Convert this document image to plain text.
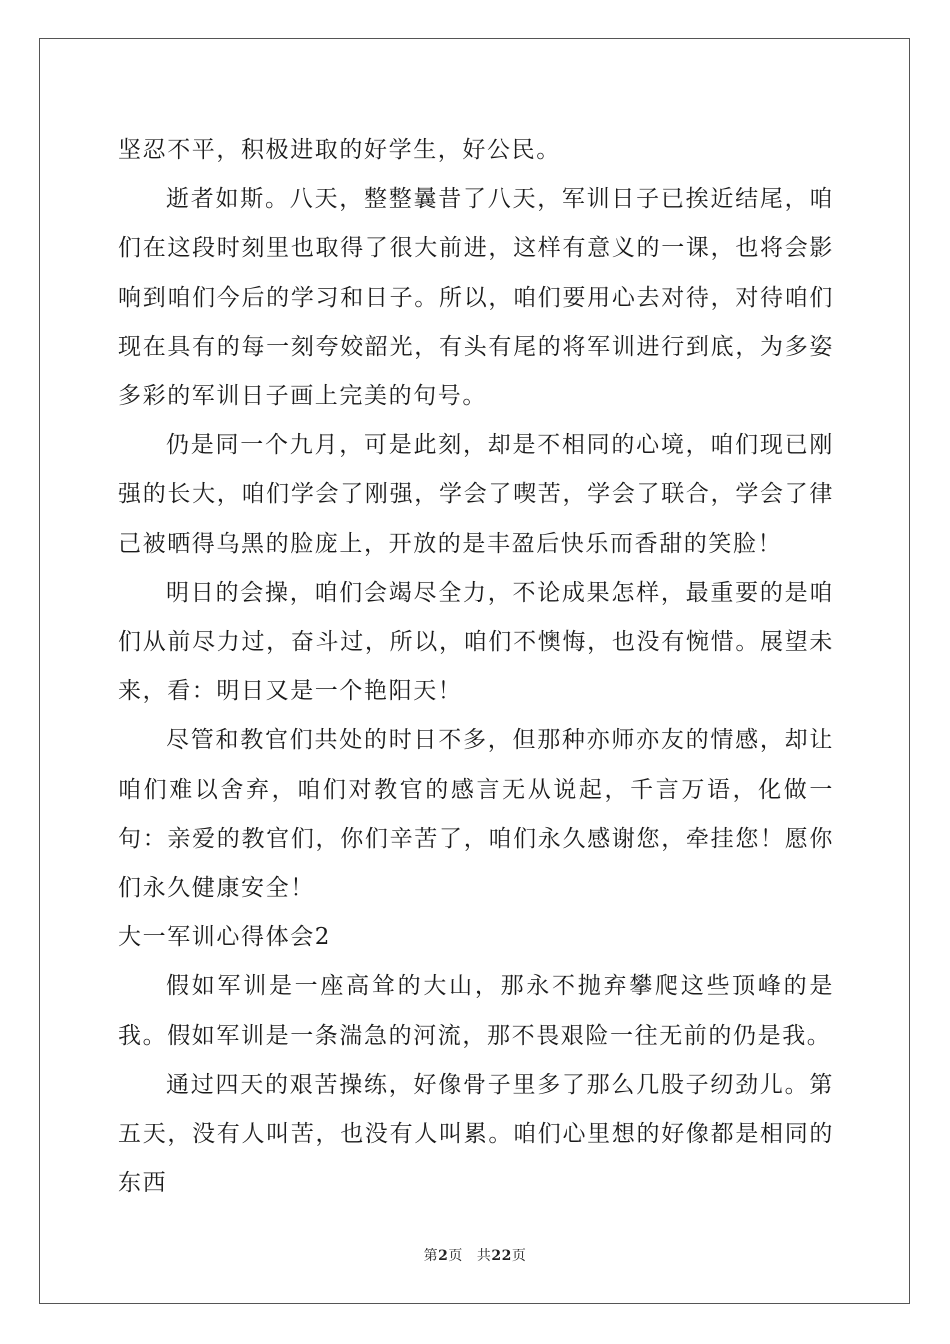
坚忍不平，积极进取的好学生，好公民。

逝者如斯。八天，整整曩昔了八天，军训日子已挨近结尾，咱们在这段时刻里也取得了很大前进，这样有意义的一课，也将会影响到咱们今后的学习和日子。所以，咱们要用心去对待，对待咱们现在具有的每一刻夸姣韶光，有头有尾的将军训进行到底，为多姿多彩的军训日子画上完美的句号。

仍是同一个九月，可是此刻，却是不相同的心境，咱们现已刚强的长大，咱们学会了刚强，学会了喫苦，学会了联合，学会了律己被晒得乌黑的脸庞上，开放的是丰盈后快乐而香甜的笑脸！

明日的会操，咱们会竭尽全力，不论成果怎样，最重要的是咱们从前尽力过，奋斗过，所以，咱们不懊悔，也没有惋惜。展望未来，看：明日又是一个艳阳天！

尽管和教官们共处的时日不多，但那种亦师亦友的情感，却让咱们难以舍弃，咱们对教官的感言无从说起，千言万语，化做一句：亲爱的教官们，你们辛苦了，咱们永久感谢您，牵挂您！愿你们永久健康安全！

大一军训心得体会2

假如军训是一座高耸的大山，那永不抛弃攀爬这些顶峰的是我。假如军训是一条湍急的河流，那不畏艰险一往无前的仍是我。

通过四天的艰苦操练，好像骨子里多了那么几股子纫劲儿。第五天，没有人叫苦，也没有人叫累。咱们心里想的好像都是相同的东西

第2页 共22页
